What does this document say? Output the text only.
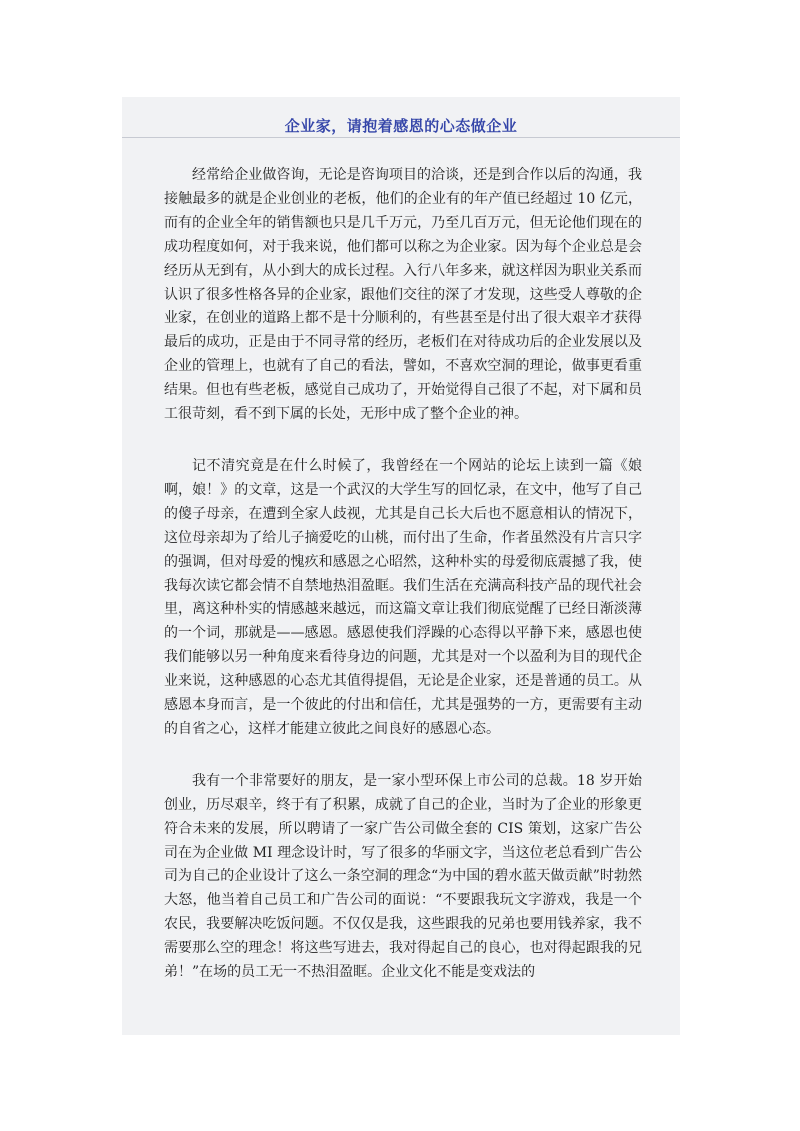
企业家，请抱着感恩的心态做企业

经常给企业做咨询，无论是咨询项目的洽谈，还是到合作以后的沟通，我接触最多的就是企业创业的老板，他们的企业有的年产值已经超过 10 亿元，而有的企业全年的销售额也只是几千万元，乃至几百万元，但无论他们现在的成功程度如何，对于我来说，他们都可以称之为企业家。因为每个企业总是会经历从无到有，从小到大的成长过程。入行八年多来，就这样因为职业关系而认识了很多性格各异的企业家，跟他们交往的深了才发现，这些受人尊敬的企业家，在创业的道路上都不是十分顺利的，有些甚至是付出了很大艰辛才获得最后的成功，正是由于不同寻常的经历，老板们在对待成功后的企业发展以及企业的管理上，也就有了自己的看法，譬如，不喜欢空洞的理论，做事更看重结果。但也有些老板，感觉自己成功了，开始觉得自己很了不起，对下属和员工很苛刻，看不到下属的长处，无形中成了整个企业的神。

记不清究竟是在什么时候了，我曾经在一个网站的论坛上读到一篇《娘啊，娘！》的文章，这是一个武汉的大学生写的回忆录，在文中，他写了自己的傻子母亲，在遭到全家人歧视，尤其是自己长大后也不愿意相认的情况下，这位母亲却为了给儿子摘爱吃的山桃，而付出了生命，作者虽然没有片言只字的强调，但对母爱的愧疚和感恩之心昭然，这种朴实的母爱彻底震撼了我，使我每次读它都会情不自禁地热泪盈眶。我们生活在充满高科技产品的现代社会里，离这种朴实的情感越来越远，而这篇文章让我们彻底觉醒了已经日渐淡薄的一个词，那就是——感恩。感恩使我们浮躁的心态得以平静下来，感恩也使我们能够以另一种角度来看待身边的问题，尤其是对一个以盈利为目的现代企业来说，这种感恩的心态尤其值得提倡，无论是企业家，还是普通的员工。从感恩本身而言，是一个彼此的付出和信任，尤其是强势的一方，更需要有主动的自省之心，这样才能建立彼此之间良好的感恩心态。

我有一个非常要好的朋友，是一家小型环保上市公司的总裁。18 岁开始创业，历尽艰辛，终于有了积累，成就了自己的企业，当时为了企业的形象更符合未来的发展，所以聘请了一家广告公司做全套的 CIS 策划，这家广告公司在为企业做 MI 理念设计时，写了很多的华丽文字，当这位老总看到广告公司为自己的企业设计了这么一条空洞的理念“为中国的碧水蓝天做贡献”时勃然大怒，他当着自己员工和广告公司的面说：“不要跟我玩文字游戏，我是一个农民，我要解决吃饭问题。不仅仅是我，这些跟我的兄弟也要用钱养家，我不需要那么空的理念！将这些写进去，我对得起自己的良心，也对得起跟我的兄弟！”在场的员工无一不热泪盈眶。企业文化不能是变戏法的
